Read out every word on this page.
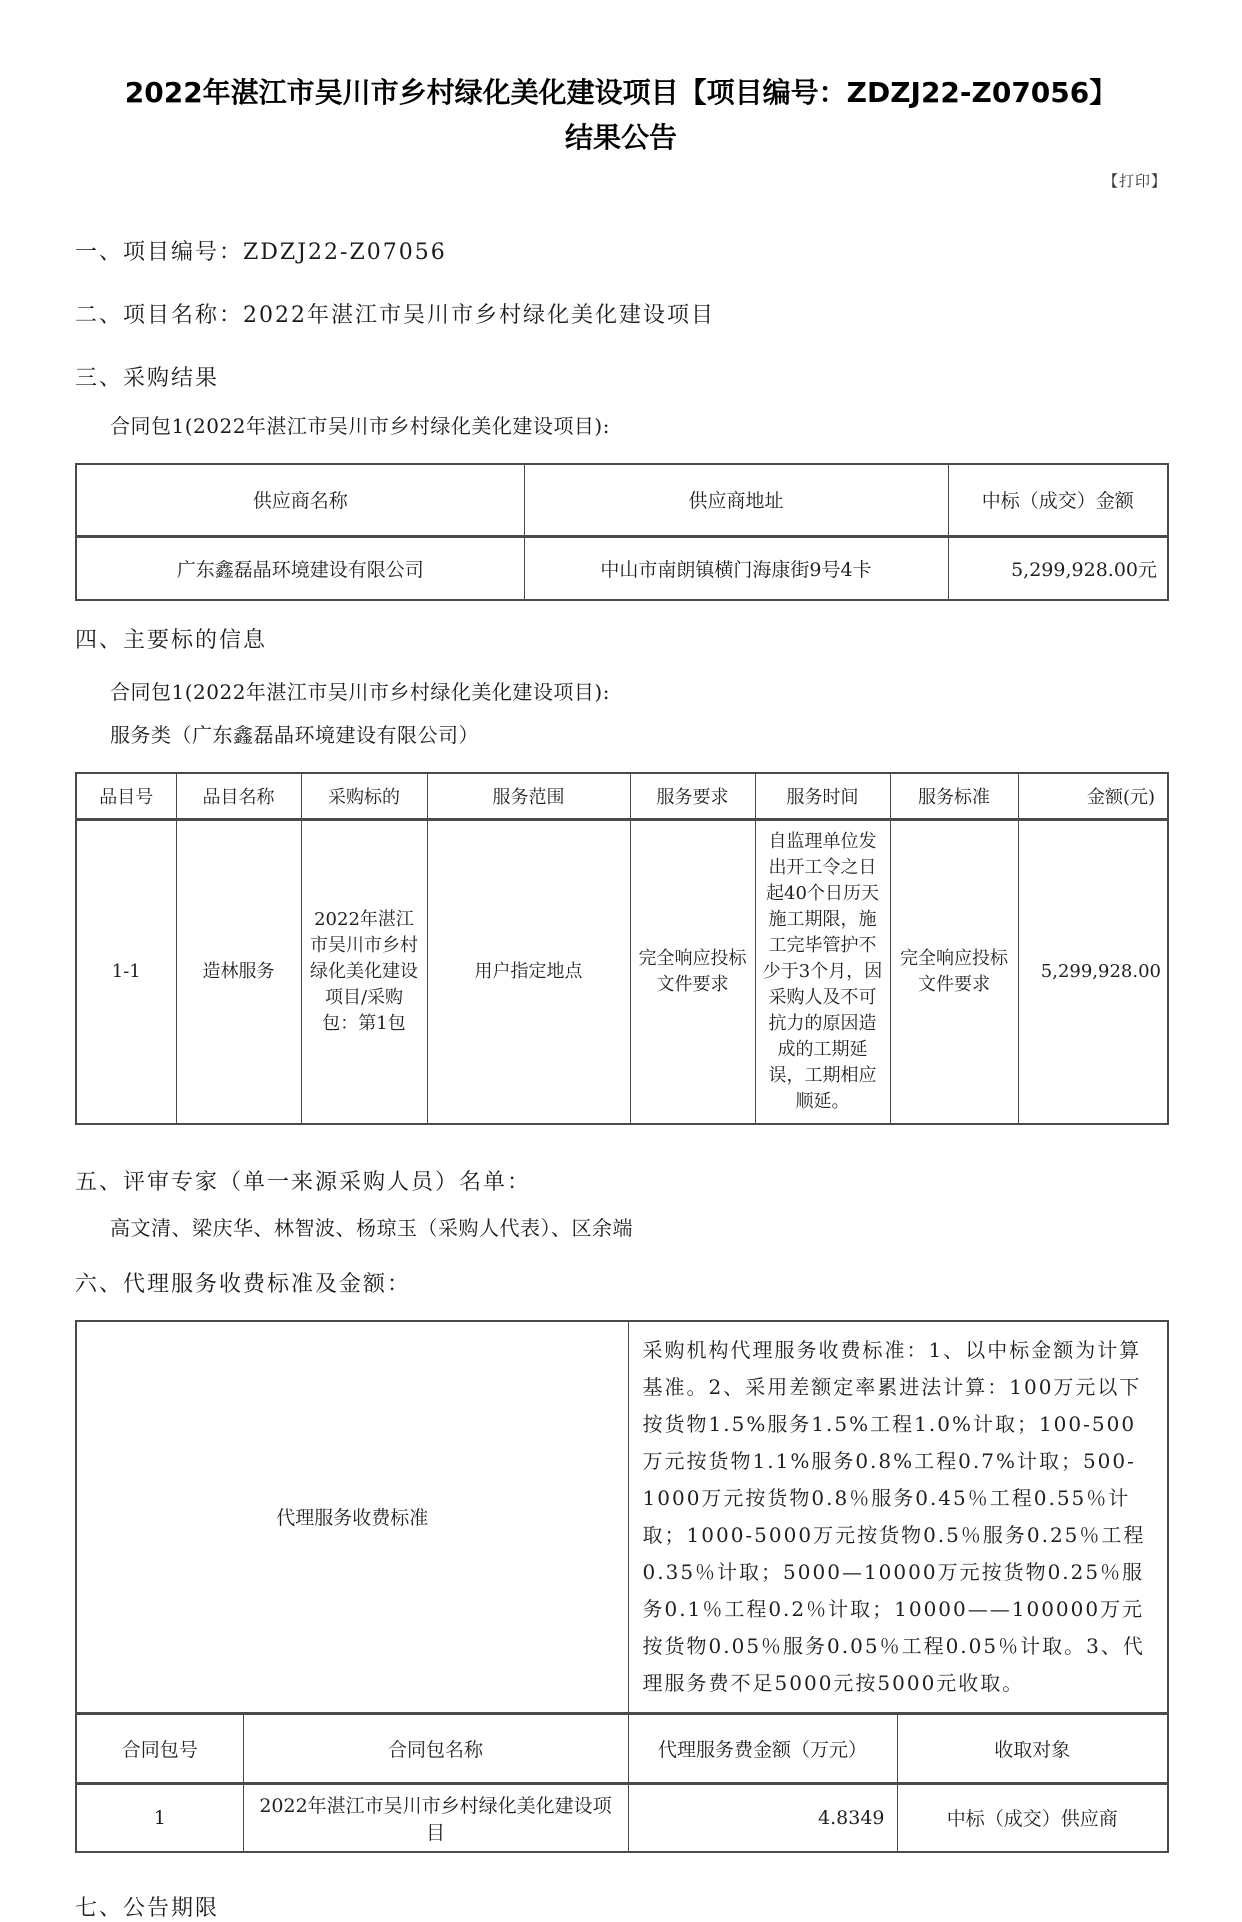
2022年湛江市吴川市乡村绿化美化建设项目【项目编号：ZDZJ22-Z07056】
结果公告
【打印】
一、项目编号：ZDZJ22-Z07056
二、项目名称：2022年湛江市吴川市乡村绿化美化建设项目
三、采购结果
合同包1(2022年湛江市吴川市乡村绿化美化建设项目):
供应商名称	供应商地址	中标（成交）金额
广东鑫磊晶环境建设有限公司	中山市南朗镇横门海康街9号4卡	5,299,928.00元
四、主要标的信息
合同包1(2022年湛江市吴川市乡村绿化美化建设项目):
服务类（广东鑫磊晶环境建设有限公司）
品目号	品目名称	采购标的	服务范围	服务要求	服务时间	服务标准	金额(元)
1-1	造林服务	2022年湛江市吴川市乡村绿化美化建设项目/采购包：第1包	用户指定地点	完全响应投标文件要求	自监理单位发出开工令之日起40个日历天施工期限，施工完毕管护不少于3个月，因采购人及不可抗力的原因造成的工期延误，工期相应顺延。	完全响应投标文件要求	5,299,928.00
五、评审专家（单一来源采购人员）名单：
高文清、梁庆华、林智波、杨琼玉（采购人代表）、区余端
六、代理服务收费标准及金额：
代理服务收费标准		采购机构代理服务收费标准：1、以中标金额为计算基准。2、采用差额定率累进法计算：100万元以下按货物1.5%服务1.5%工程1.0%计取；100-500万元按货物1.1%服务0.8%工程0.7%计取；500-1000万元按货物0.8％服务0.45％工程0.55％计取；1000-5000万元按货物0.5％服务0.25％工程0.35％计取；5000—10000万元按货物0.25％服务0.1％工程0.2％计取；10000——100000万元按货物0.05％服务0.05％工程0.05％计取。3、代理服务费不足5000元按5000元收取。	
合同包号	合同包名称	代理服务费金额（万元）	收取对象
1	2022年湛江市吴川市乡村绿化美化建设项目	4.8349	中标（成交）供应商
七、公告期限
